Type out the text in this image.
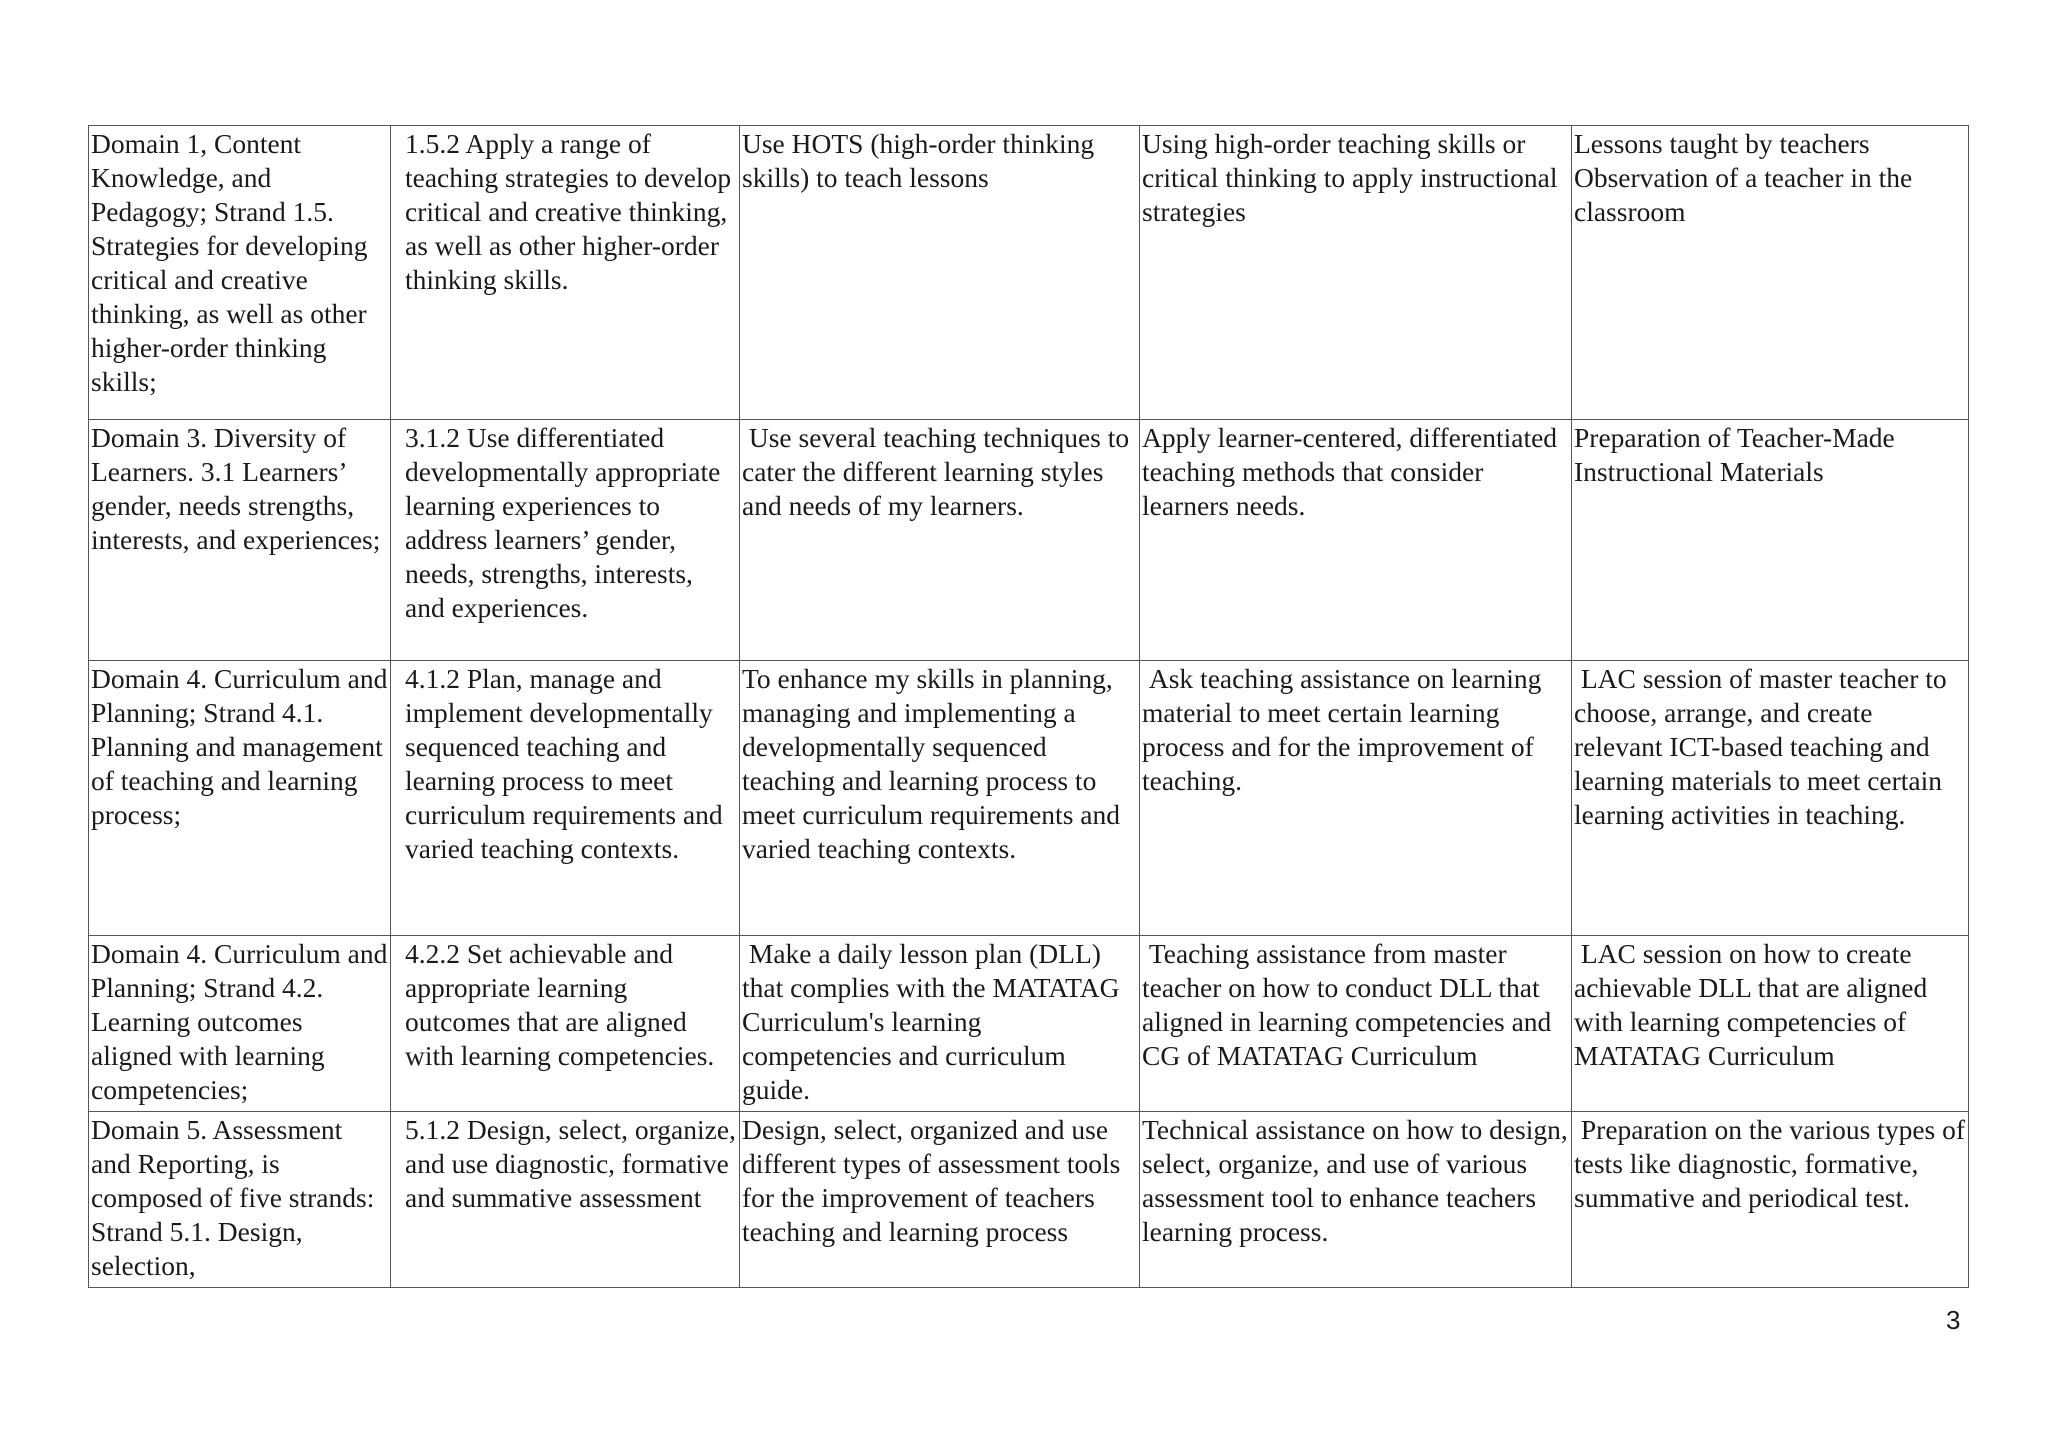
Domain 1, Content Knowledge, and Pedagogy; Strand 1.5. Strategies for developing critical and creative thinking, as well as other higher-order thinking skills;	1.5.2 Apply a range of teaching strategies to develop critical and creative thinking, as well as other higher-order thinking skills.	Use HOTS (high-order thinking skills) to teach lessons	Using high-order teaching skills or critical thinking to apply instructional strategies	Lessons taught by teachers Observation of a teacher in the classroom
Domain 3. Diversity of Learners. 3.1 Learners’ gender, needs strengths, interests, and experiences;	3.1.2 Use differentiated developmentally appropriate learning experiences to address learners’ gender, needs, strengths, interests, and experiences.	Use several teaching techniques to cater the different learning styles and needs of my learners.	Apply learner-centered, differentiated teaching methods that consider learners needs.	Preparation of Teacher-Made Instructional Materials
Domain 4. Curriculum and Planning; Strand 4.1. Planning and management of teaching and learning process;	4.1.2 Plan, manage and implement developmentally sequenced teaching and learning process to meet curriculum requirements and varied teaching contexts.	To enhance my skills in planning, managing and implementing a developmentally sequenced teaching and learning process to meet curriculum requirements and varied teaching contexts.	Ask teaching assistance on learning material to meet certain learning process and for the improvement of teaching.	LAC session of master teacher to choose, arrange, and create relevant ICT-based teaching and learning materials to meet certain learning activities in teaching.
Domain 4. Curriculum and Planning; Strand 4.2. Learning outcomes aligned with learning competencies;	4.2.2 Set achievable and appropriate learning outcomes that are aligned with learning competencies.	Make a daily lesson plan (DLL) that complies with the MATATAG Curriculum's learning competencies and curriculum guide.	Teaching assistance from master teacher on how to conduct DLL that aligned in learning competencies and CG of MATATAG Curriculum	LAC session on how to create achievable DLL that are aligned with learning competencies of MATATAG Curriculum
Domain 5. Assessment and Reporting, is composed of five strands: Strand 5.1. Design, selection,	5.1.2 Design, select, organize, and use diagnostic, formative and summative assessment	Design, select, organized and use different types of assessment tools for the improvement of teachers teaching and learning process	Technical assistance on how to design, select, organize, and use of various assessment tool to enhance teachers learning process.	Preparation on the various types of tests like diagnostic, formative, summative and periodical test.
3
